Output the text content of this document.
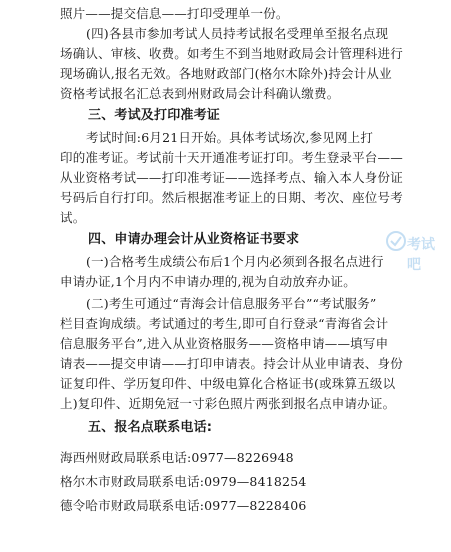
照片——提交信息——打印受理单一份。
(四)各县市参加考试人员持考试报名受理单至报名点现
场确认、审核、收费。如考生不到当地财政局会计管理科进行
现场确认,报名无效。各地财政部门(格尔木除外)持会计从业
资格考试报名汇总表到州财政局会计科确认缴费。
三、考试及打印准考证
考试时间:6月21日开始。具体考试场次,参见网上打
印的准考证。考试前十天开通准考证打印。考生登录平台——
从业资格考试——打印准考证——选择考点、输入本人身份证
号码后自行打印。然后根据准考证上的日期、考次、座位号考
试。
四、申请办理会计从业资格证书要求
(一)合格考生成绩公布后1个月内必须到各报名点进行
申请办证,1个月内不申请办理的,视为自动放弃办证。
(二)考生可通过“青海会计信息服务平台”“考试服务”
栏目查询成绩。考试通过的考生,即可自行登录“青海省会计
信息服务平台”,进入从业资格服务——资格申请——填写申
请表——提交申请——打印申请表。持会计从业申请表、身份
证复印件、学历复印件、中级电算化合格证书(或珠算五级以
上)复印件、近期免冠一寸彩色照片两张到报名点申请办证。
五、报名点联系电话:
海西州财政局联系电话:0977—8226948
格尔木市财政局联系电话:0979—8418254
德令哈市财政局联系电话:0977—8228406
考试吧
